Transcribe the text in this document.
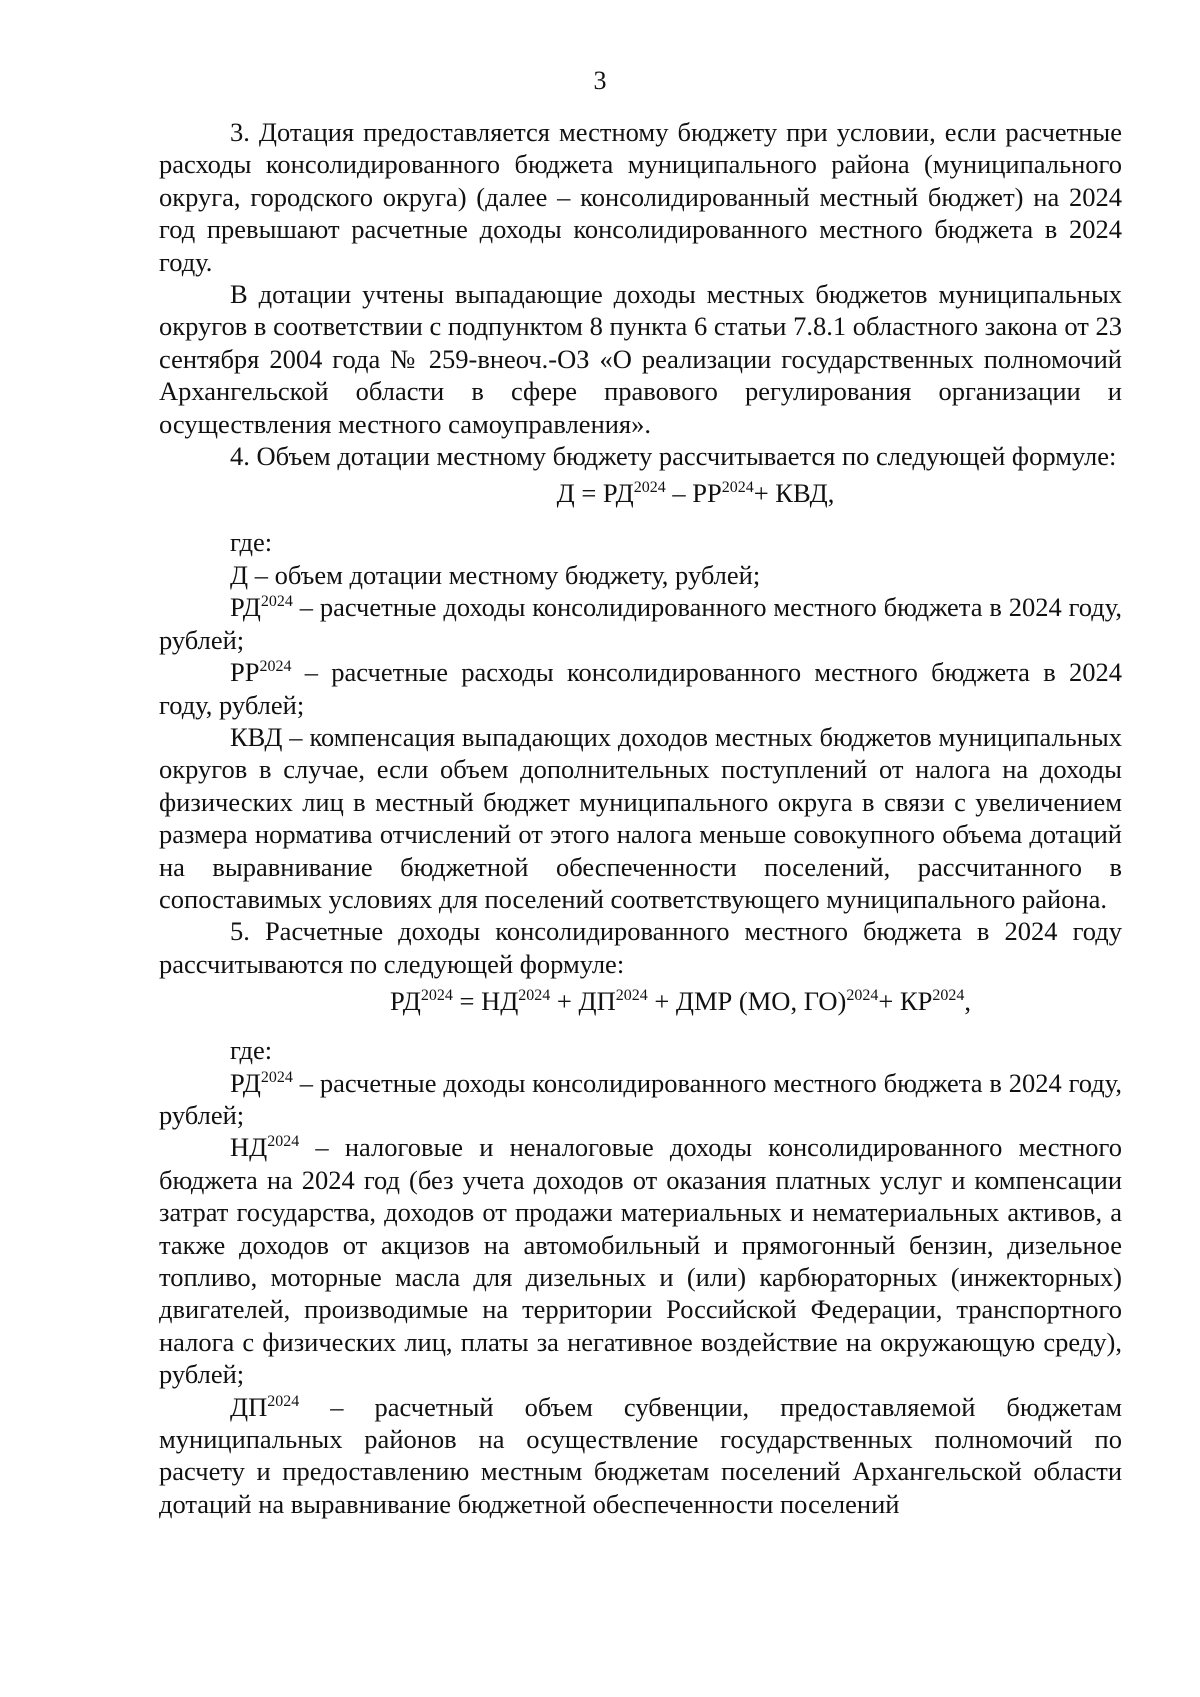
3

3. Дотация предоставляется местному бюджету при условии, если расчетные расходы консолидированного бюджета муниципального района (муниципального округа, городского округа) (далее – консолидированный местный бюджет) на 2024 год превышают расчетные доходы консолидированного местного бюджета в 2024 году.

В дотации учтены выпадающие доходы местных бюджетов муниципальных округов в соответствии с подпунктом 8 пункта 6 статьи 7.8.1 областного закона от 23 сентября 2004 года № 259-внеоч.-ОЗ «О реализации государственных полномочий Архангельской области в сфере правового регулирования организации и осуществления местного самоуправления».

4. Объем дотации местному бюджету рассчитывается по следующей формуле:

$Д = РД^{2024} - РР^{2024}+$ КВД,

где:

Д – объем дотации местному бюджету, рублей;

$РД^{2024}$ – расчетные доходы консолидированного местного бюджета в 2024 году, рублей;

$РР^{2024}$ – расчетные расходы консолидированного местного бюджета в 2024 году, рублей;

КВД – компенсация выпадающих доходов местных бюджетов муниципальных округов в случае, если объем дополнительных поступлений от налога на доходы физических лиц в местный бюджет муниципального округа в связи с увеличением размера норматива отчислений от этого налога меньше совокупного объема дотаций на выравнивание бюджетной обеспеченности поселений, рассчитанного в сопоставимых условиях для поселений соответствующего муниципального района.

5. Расчетные доходы консолидированного местного бюджета в 2024 году рассчитываются по следующей формуле:

$РД^{2024} = НД^{2024} + ДП^{2024}$ + ДМР (МО, $ГО)^{2024}+ КР^{2024}$,

где:

$РД^{2024}$ – расчетные доходы консолидированного местного бюджета в 2024 году, рублей;

$НД^{2024}$ – налоговые и неналоговые доходы консолидированного местного бюджета на 2024 год (без учета доходов от оказания платных услуг и компенсации затрат государства, доходов от продажи материальных и нематериальных активов, а также доходов от акцизов на автомобильный и прямогонный бензин, дизельное топливо, моторные масла для дизельных и (или) карбюраторных (инжекторных) двигателей, производимые на территории Российской Федерации, транспортного налога с физических лиц, платы за негативное воздействие на окружающую среду), рублей;

$ДП^{2024}$ – расчетный объем субвенции, предоставляемой бюджетам муниципальных районов на осуществление государственных полномочий по расчету и предоставлению местным бюджетам поселений Архангельской области дотаций на выравнивание бюджетной обеспеченности поселений
